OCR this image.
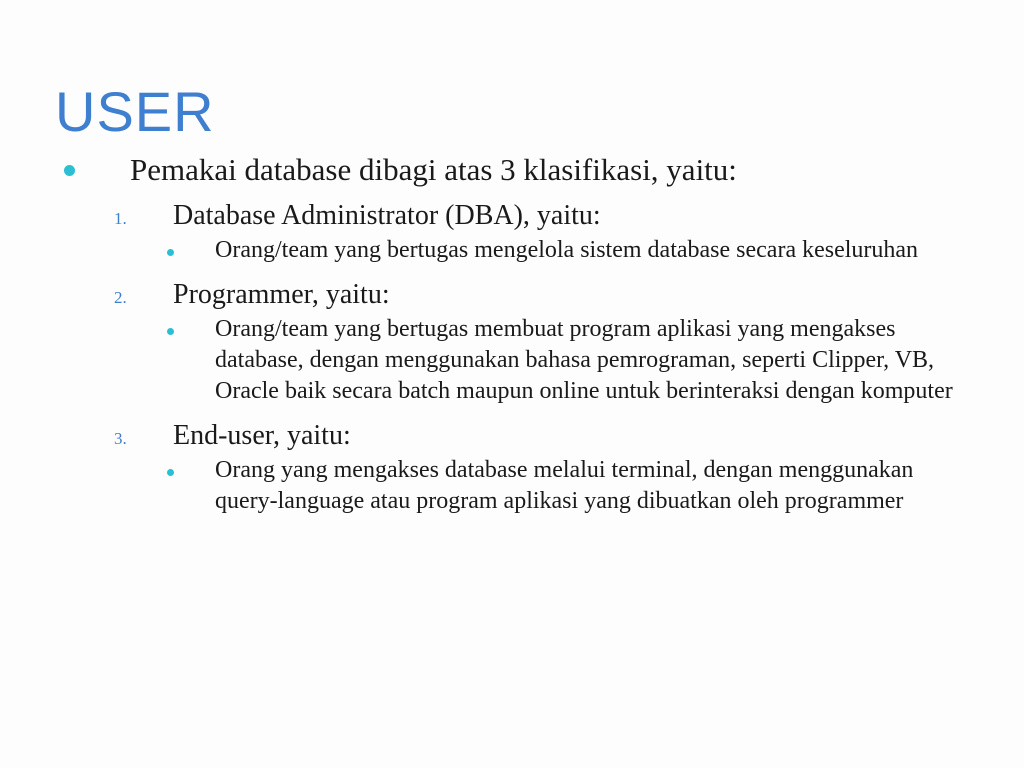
USER
Pemakai database dibagi atas 3 klasifikasi, yaitu:
1. Database Administrator (DBA), yaitu:
Orang/team yang bertugas mengelola sistem database secara keseluruhan
2. Programmer, yaitu:
Orang/team yang bertugas membuat program aplikasi yang mengakses database, dengan menggunakan bahasa pemrograman, seperti Clipper, VB, Oracle baik secara batch maupun online untuk berinteraksi dengan komputer
3. End-user, yaitu:
Orang yang mengakses database melalui terminal, dengan menggunakan query-language atau program aplikasi yang dibuatkan oleh programmer
